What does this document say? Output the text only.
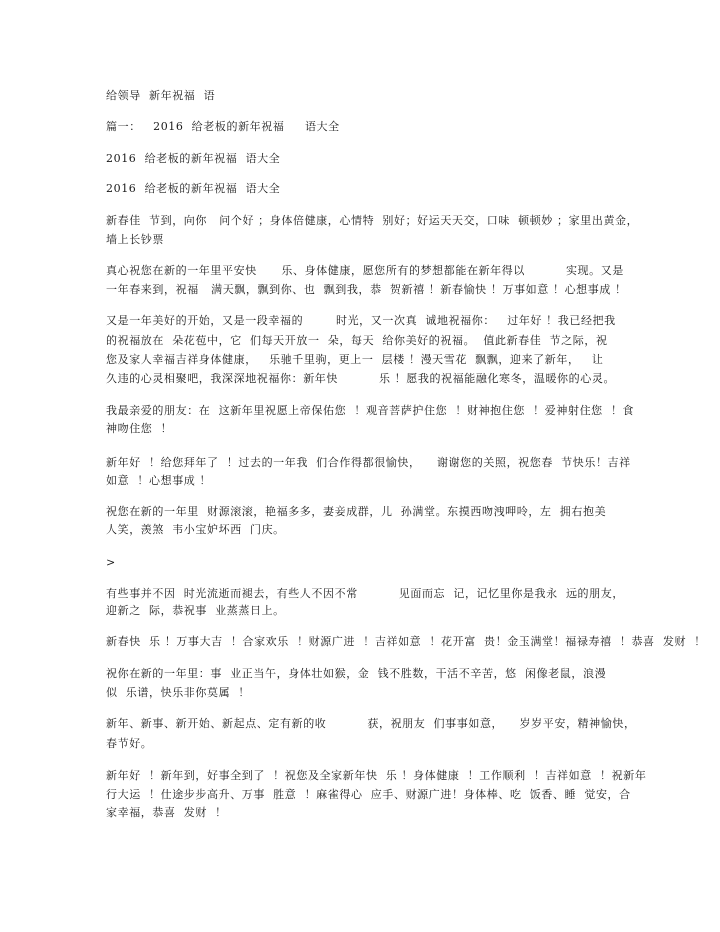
给领导  新年祝福  语

篇一：   2016  给老板的新年祝福     语大全

2016  给老板的新年祝福  语大全

2016  给老板的新年祝福  语大全

新春佳  节到，向你   问个好 ；身体倍健康，心情特  别好；好运天天交，口味  顿顿妙 ；家里出黄金，

墙上长钞票

真心祝您在新的一年里平安快      乐、身体健康，愿您所有的梦想都能在新年得以          实现。又是

一年春来到，祝福   满天飘，飘到你、也  飘到我，恭  贺新禧 ！新春愉快 ！万事如意 ！心想事成 ！

又是一年美好的开始，又是一段幸福的        时光，又一次真  诚地祝福你：   过年好 ！我已经把我

的祝福放在  朵花苞中，它  们每天开放一  朵，每天  给你美好的祝福。  值此新春佳  节之际，祝

您及家人幸福吉祥身体健康，   乐驰千里驹，更上一  层楼 ！漫天雪花  飘飘，迎来了新年，   让

久违的心灵相聚吧，我深深地祝福你：新年快          乐 ！愿我的祝福能融化寒冬，温暖你的心灵。

我最亲爱的朋友：在  这新年里祝愿上帝保佑您  ！观音菩萨护住您  ！财神抱住您  ！爱神射住您  ！食

神吻住您  ！

新年好  ！给您拜年了  ！过去的一年我  们合作得都很愉快，    谢谢您的关照，祝您春  节快乐！吉祥

如意  ！心想事成 ！

祝您在新的一年里  财源滚滚，艳福多多，妻妾成群，儿  孙满堂。东摸西吻洩呷呤，左  拥右抱美

人笑，羡煞  韦小宝妒坏西  门庆。

>

有些事并不因  时光流逝而褪去，有些人不因不常          见面而忘  记，记忆里你是我永  远的朋友，

迎新之  际，恭祝事  业蒸蒸日上。

新春快  乐 ！万事大吉  ！合家欢乐  ！财源广进  ！吉祥如意  ！花开富  贵！金玉满堂！福禄寿禧  ！恭喜  发财  ！

祝你在新的一年里：事  业正当午，身体壮如猴，金  钱不胜数，干活不辛苦，悠  闲像老鼠，浪漫

似  乐谱，快乐非你莫属  ！

新年、新事、新开始、新起点、定有新的收          获，祝朋友  们事事如意，    岁岁平安，精神愉快，

春节好。

新年好  ！新年到，好事全到了  ！祝您及全家新年快  乐 ！身体健康  ！工作顺利  ！吉祥如意  ！祝新年

行大运  ！仕途步步高升、万事  胜意  ！麻雀得心  应手、财源广进！身体棒、吃  饭香、睡  觉安，合

家幸福，恭喜  发财  ！
